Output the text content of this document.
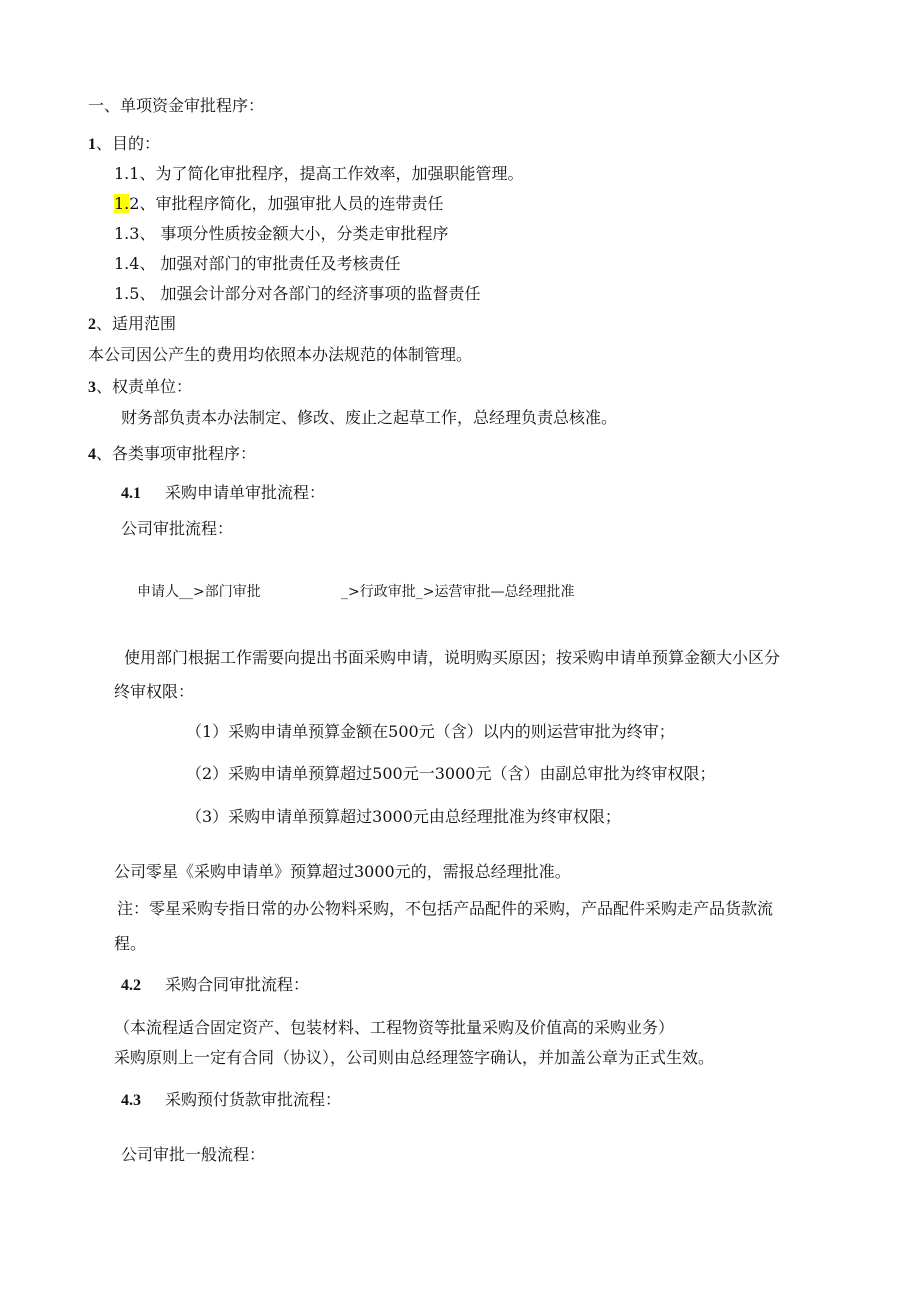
一、单项资金审批程序：
1、目的：
1.1、为了简化审批程序，提高工作效率，加强职能管理。
1.2、审批程序简化，加强审批人员的连带责任
1.3、 事项分性质按金额大小，分类走审批程序
1.4、 加强对部门的审批责任及考核责任
1.5、 加强会计部分对各部门的经济事项的监督责任
2、适用范围
本公司因公产生的费用均依照本办法规范的体制管理。
3、权责单位：
财务部负责本办法制定、修改、废止之起草工作，总经理负责总核准。
4、各类事项审批程序：
4.1 采购申请单审批流程：
公司审批流程：
申请人__>部门审批	_>行政审批_>运营审批—总经理批准
使用部门根据工作需要向提出书面采购申请，说明购买原因；按采购申请单预算金额大小区分
终审权限：
（1）采购申请单预算金额在500元（含）以内的则运营审批为终审；
（2）采购申请单预算超过500元一3000元（含）由副总审批为终审权限；
（3）采购申请单预算超过3000元由总经理批准为终审权限；
公司零星《采购申请单》预算超过3000元的，需报总经理批准。
注：零星采购专指日常的办公物料采购，不包括产品配件的采购，产品配件采购走产品货款流
程。
4.2 采购合同审批流程：
（本流程适合固定资产、包装材料、工程物资等批量采购及价值高的采购业务）
采购原则上一定有合同（协议），公司则由总经理签字确认，并加盖公章为正式生效。
4.3 采购预付货款审批流程：
公司审批一般流程：
